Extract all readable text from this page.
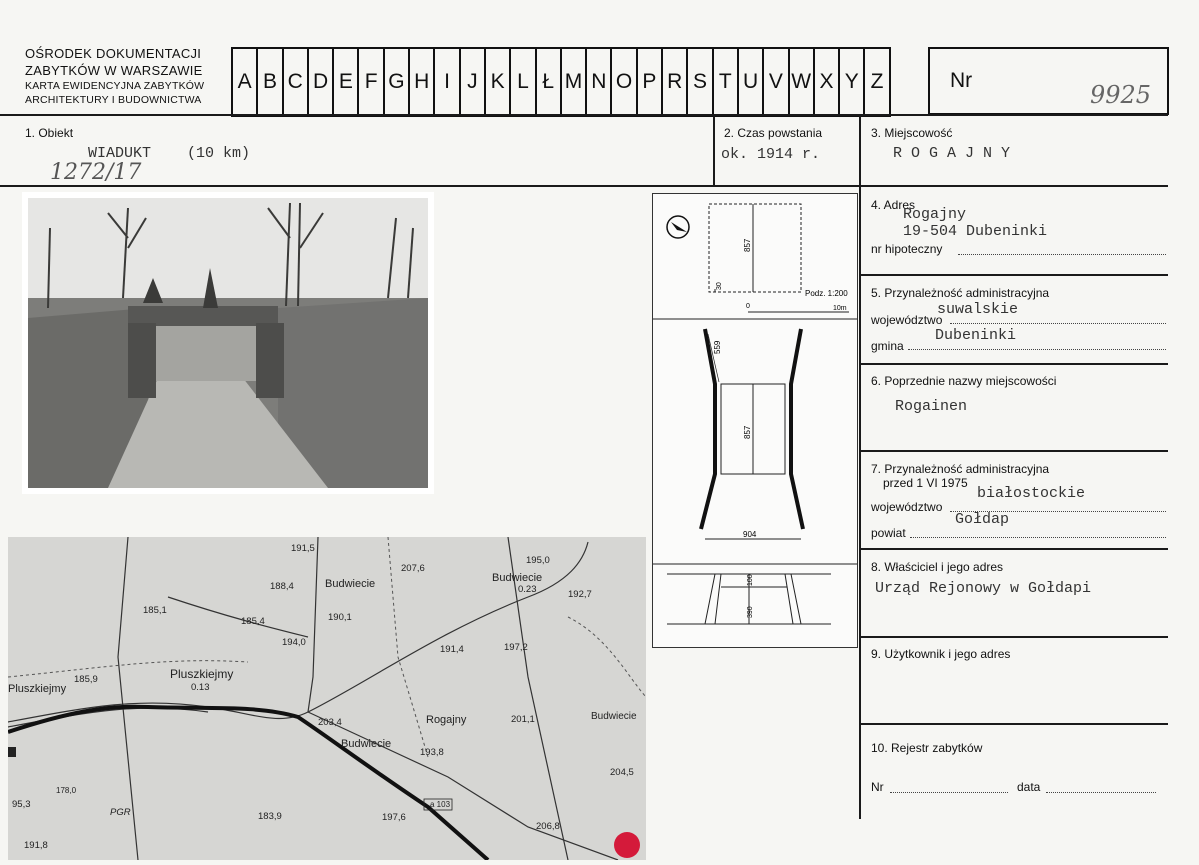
OŚRODEK DOKUMENTACJI
ZABYTKÓW W WARSZAWIE
KARTA EWIDENCYJNA ZABYTKÓW
ARCHITEKTURY I BUDOWNICTWA
A B C D E F G H I J K L Ł M N O P R S T U V W X Y Z	Nr
9925
1. Obiekt
WIADUKT    (10 km)
1272/17
2. Czas powstania
ok. 1914 r.
3. Miejscowość
R O G A J N Y
4. Adres
Rogajny
19-504 Dubeninki
nr hipoteczny
5. Przynależność administracyjna
suwalskie
województwo
Dubeninki
gmina
6. Poprzednie nazwy miejscowości
Rogainen
7. Przynależność administracyjna
przed 1 VI 1975
białostockie
województwo
Gołdap
powiat
8. Właściciel i jego adres
Urząd Rejonowy w Gołdapi
9. Użytkownik i jego adres
10. Rejestr zabytków
Nr	data
191,5
207,6
195,0
Budwiecie
188,4	Budwiecie	0.23	192,7
185,1
190,1
185,4
194,0
191,4	197,2
185,9
Pluszkiejmy	0.13
Pluszkiejmy
203,4	Rogajny	201,1	Budwiecie
Budwiecie
193,8
204,5
178,0
95,3
PGR	183,9	197,6
a 103
206,8
191,8
857
30
Podz. 1:200
0	10m
559
857
904
100
390
